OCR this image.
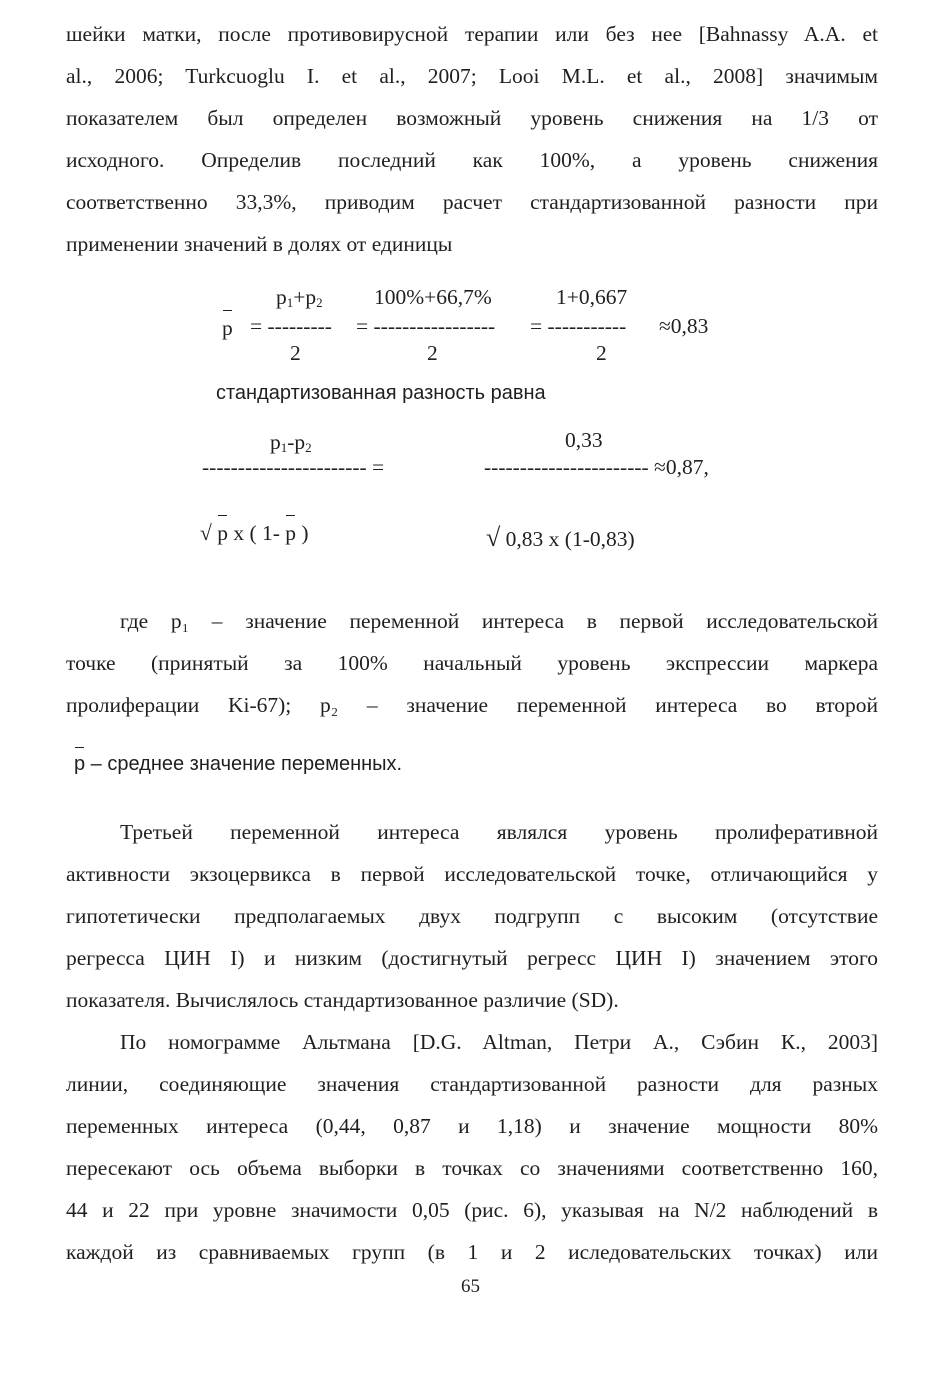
шейки матки, после противовирусной терапии или без нее [Bahnassy A.A. et
al., 2006; Turkcuoglu I. et al., 2007; Looi M.L. et al., 2008] значимым
показателем был определен возможный уровень снижения на 1/3 от
исходного. Определив последний как 100%, а уровень снижения
соответственно 33,3%, приводим расчет стандартизованной разности при
применении значений в долях от единицы
p = ---------
$p_1+p_2$
2
= -----------------
100%+66,7%
2
= -----------
1+0,667
2
≈0,83
стандартизованная разность равна
$p_1-p_2$
----------------------- =
√ p x ( 1- p )
0,33
----------------------- ≈0,87,
√ 0,83 x (1-0,83)
где p₁ – значение переменной интереса в первой исследовательской
точке (принятый за 100% начальный уровень экспрессии маркера
пролиферации Ki-67); p₂ – значение переменной интереса во второй
p – среднее значение переменных.
Третьей переменной интереса являлся уровень пролиферативной
активности экзоцервикса в первой исследовательской точке, отличающийся у
гипотетически предполагаемых двух подгрупп с высоким (отсутствие
регресса ЦИН I) и низким (достигнутый регресс ЦИН I) значением этого
показателя. Вычислялось стандартизованное различие (SD).
По номограмме Альтмана [D.G. Altman, Петри А., Сэбин К., 2003]
линии, соединяющие значения стандартизованной разности для разных
переменных интереса (0,44, 0,87 и 1,18) и значение мощности 80%
пересекают ось объема выборки в точках со значениями соответственно 160,
44 и 22 при уровне значимости 0,05 (рис. 6), указывая на N/2 наблюдений в
каждой из сравниваемых групп (в 1 и 2 иследовательских точках) или
65
